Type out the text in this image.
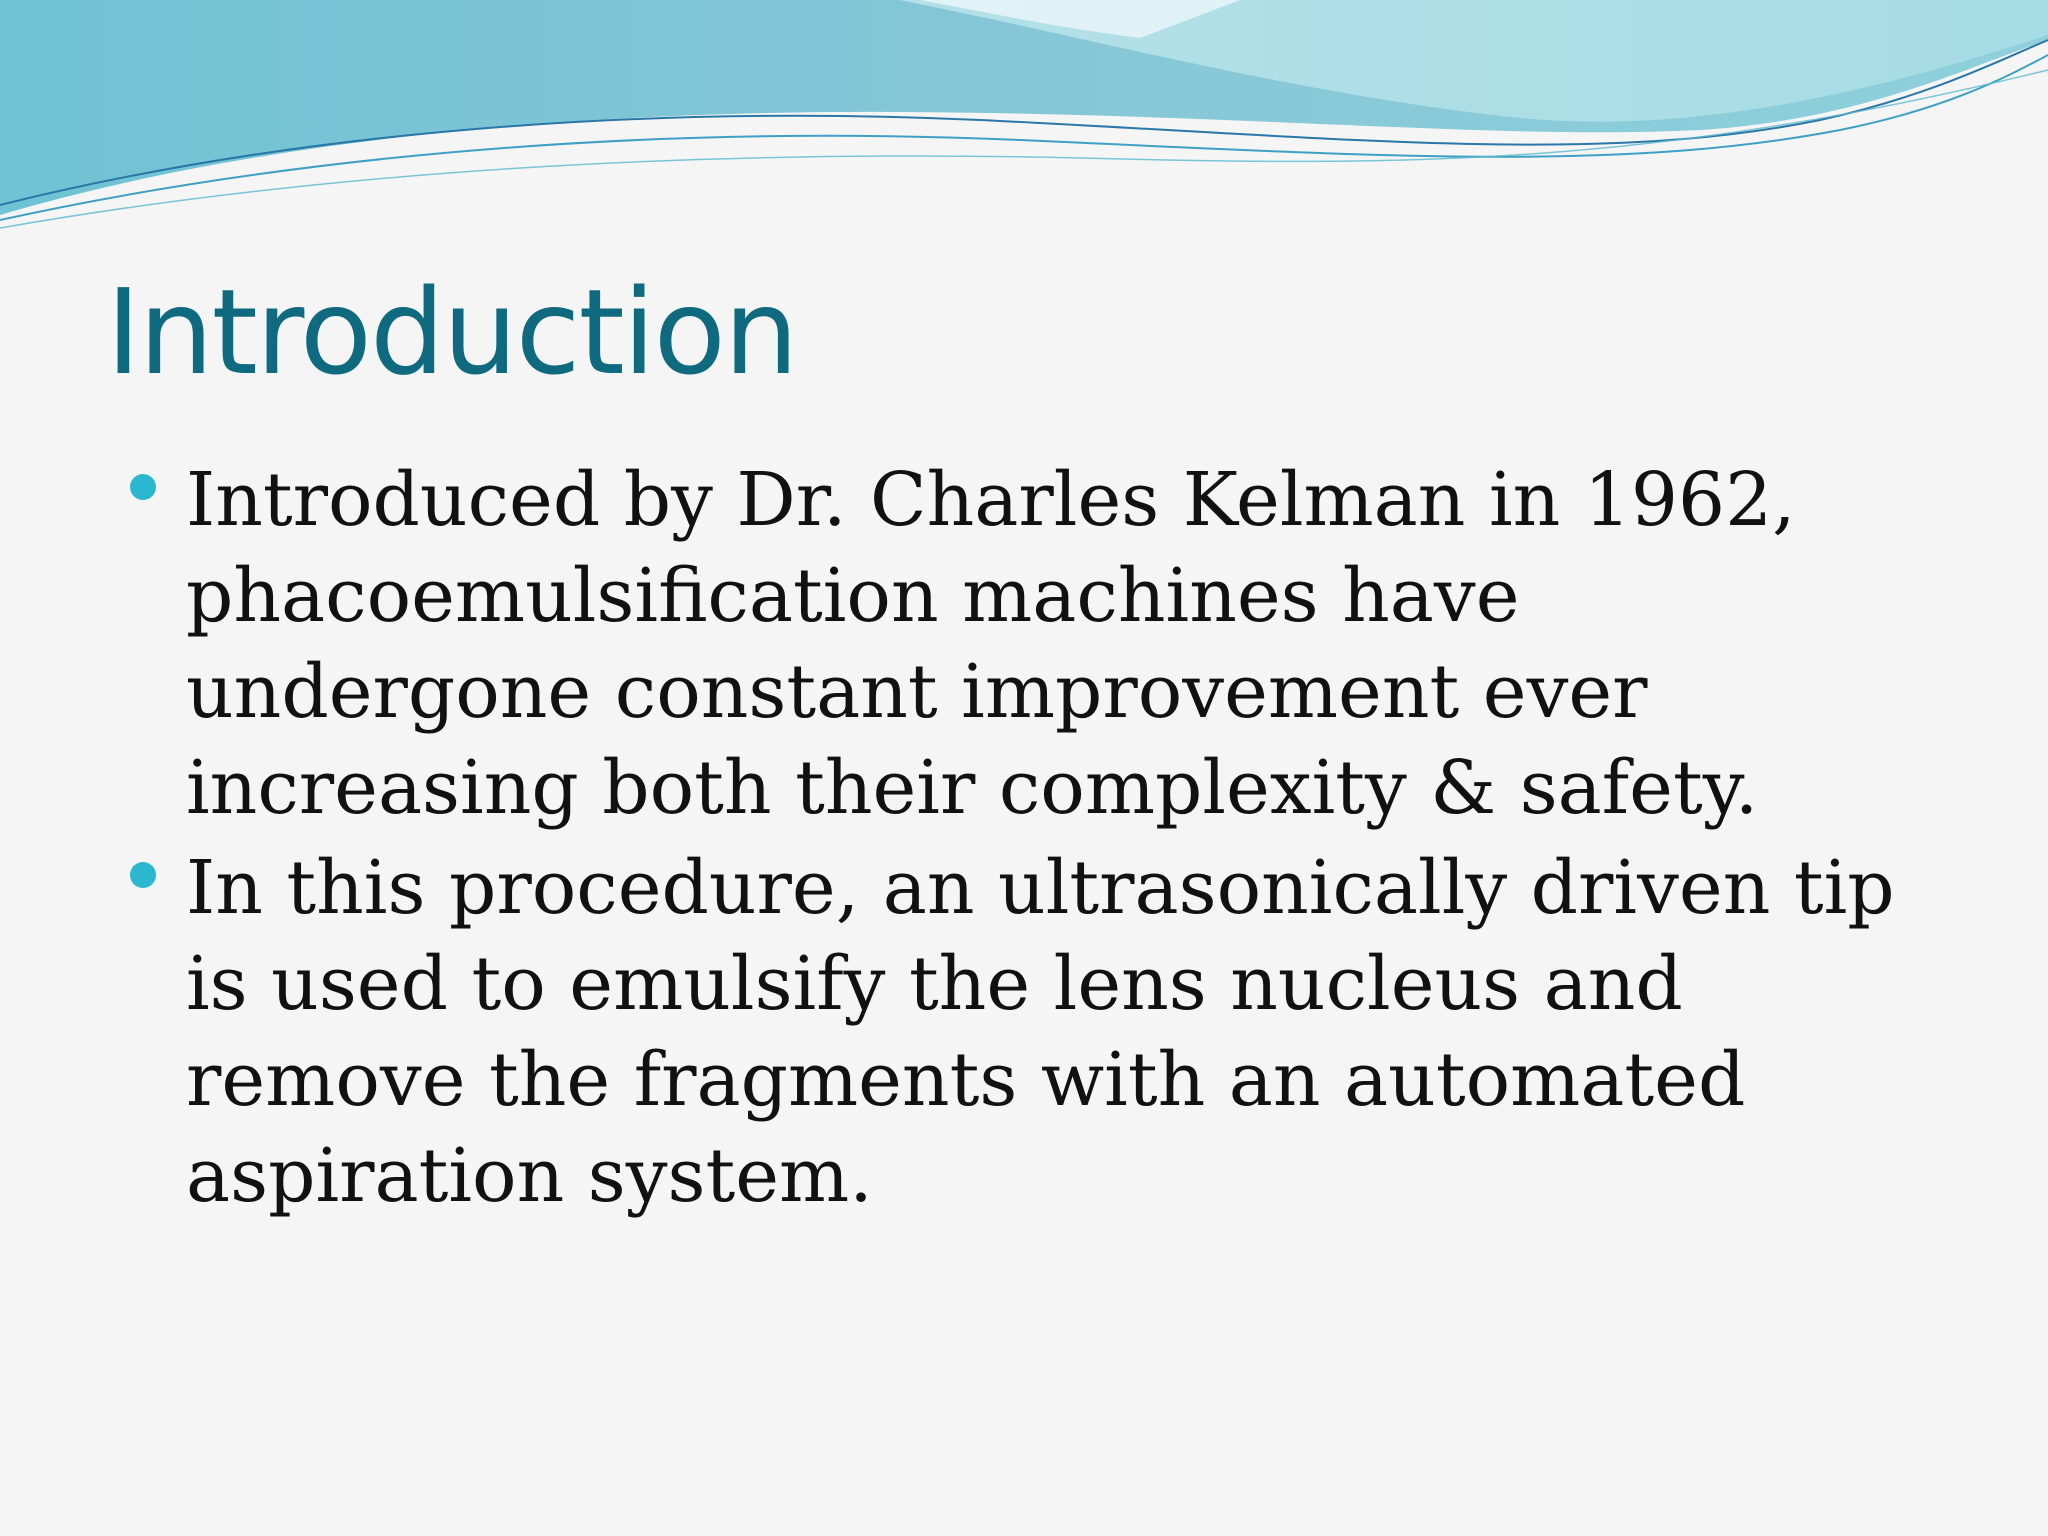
Introduction
Introduced by Dr. Charles Kelman in 1962, phacoemulsification machines have undergone constant improvement ever increasing both their complexity & safety.
In this procedure, an ultrasonically driven tip is used to emulsify the lens nucleus and remove the fragments with an automated aspiration system.
